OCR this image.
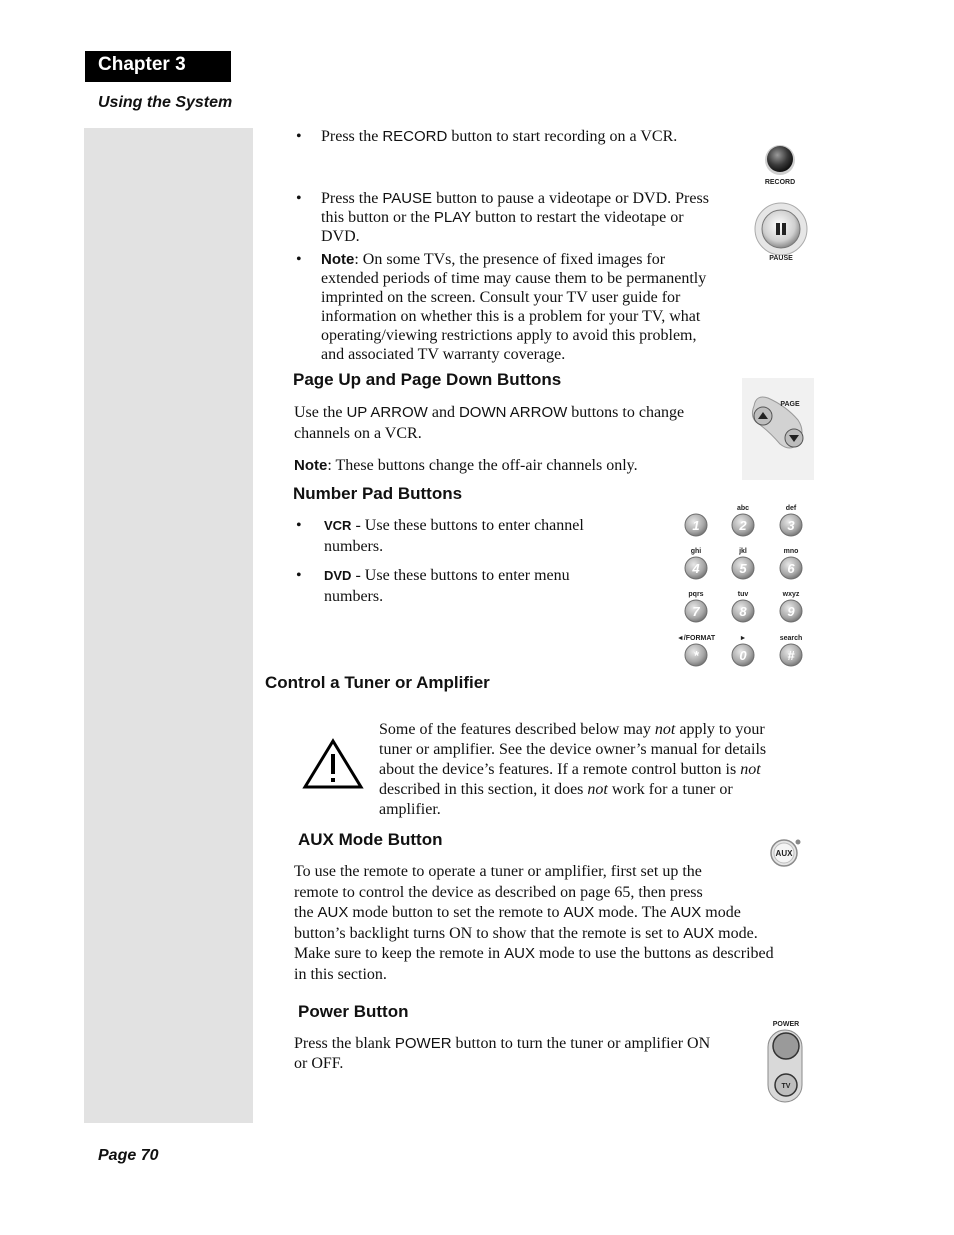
Chapter 3
Using the System
• Press the RECORD button to start recording on a VCR.
RECORD
• Press the PAUSE button to pause a videotape or DVD. Press
this button or the PLAY button to restart the videotape or
DVD.
PAUSE
• Note: On some TVs, the presence of fixed images for
extended periods of time may cause them to be permanently
imprinted on the screen. Consult your TV user guide for
information on whether this is a problem for your TV, what
operating/viewing restrictions apply to avoid this problem,
and associated TV warranty coverage.
Page Up and Page Down Buttons
Use the UP ARROW and DOWN ARROW buttons to change
channels on a VCR.
Note: These buttons change the off-air channels only.
PAGE
Number Pad Buttons
• VCR - Use these buttons to enter channel
numbers.
• DVD - Use these buttons to enter menu
numbers.
1
abc
2
def
3
ghi
4
jkl
5
mno
6
pqrs
7
tuv
8
wxyz
9
◄/FORMAT
*
►
0
search
#
Control a Tuner or Amplifier
Some of the features described below may not apply to your
tuner or amplifier. See the device owner’s manual for details
about the device’s features. If a remote control button is not
described in this section, it does not work for a tuner or
amplifier.
AUX Mode Button
AUX
To use the remote to operate a tuner or amplifier, first set up the
remote to control the device as described on page 65, then press
the AUX mode button to set the remote to AUX mode. The AUX mode
button’s backlight turns ON to show that the remote is set to AUX mode.
Make sure to keep the remote in AUX mode to use the buttons as described
in this section.
Power Button
Press the blank POWER button to turn the tuner or amplifier ON
or OFF.
POWER
TV
Page 70
